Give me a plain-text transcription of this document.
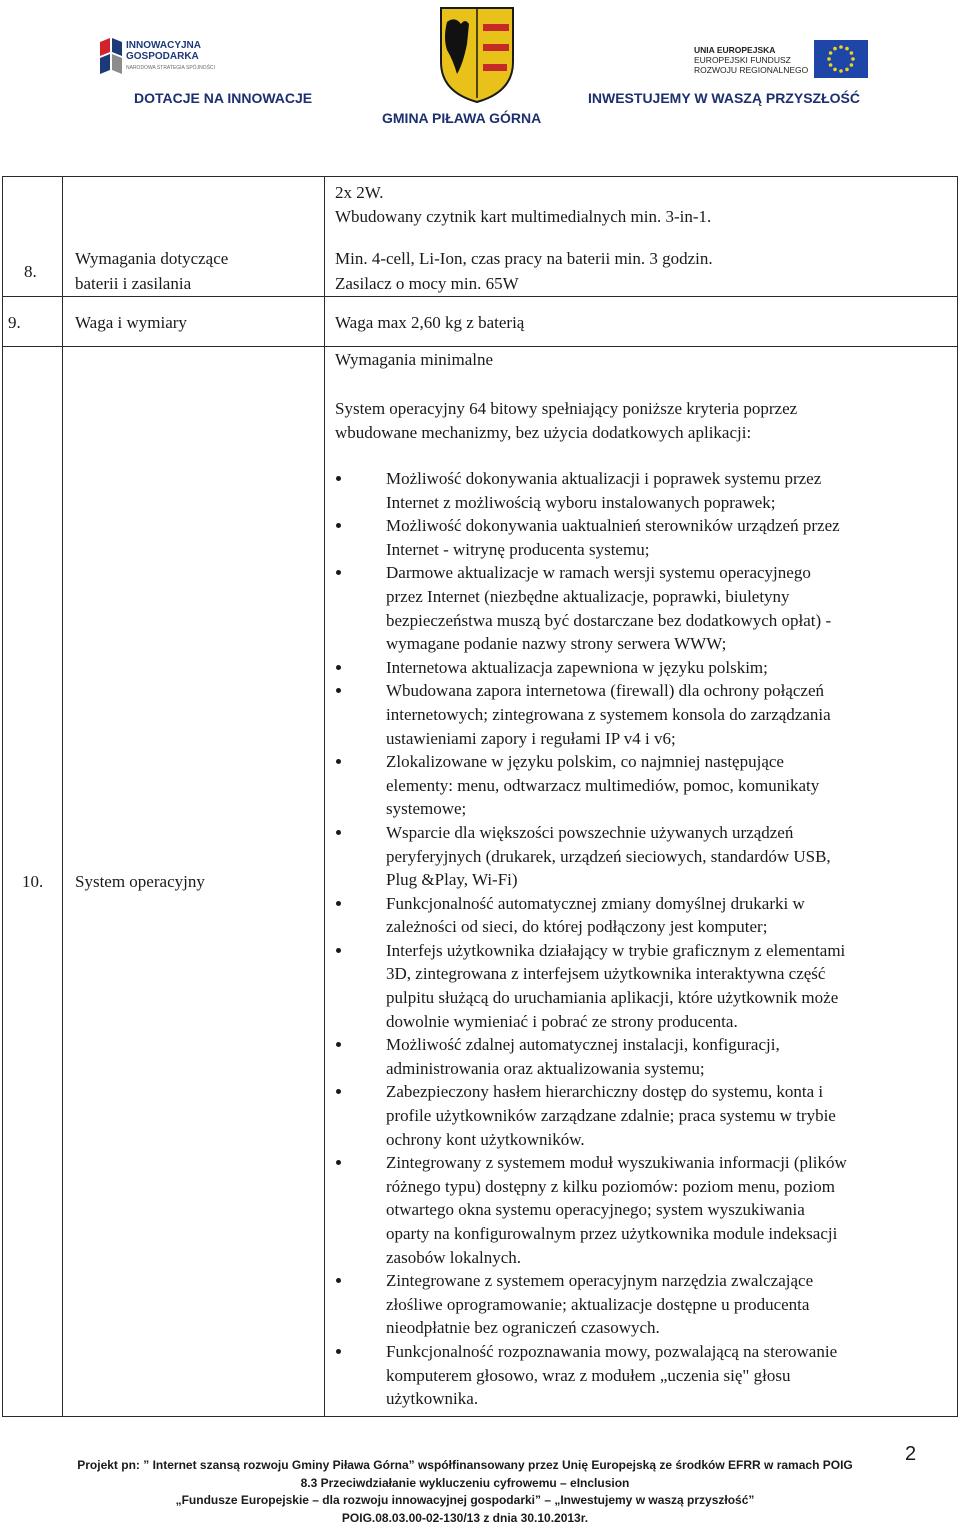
INNOWACYJNA
GOSPODARKA
NARODOWA STRATEGIA SPÓJNOŚCI
UNIA EUROPEJSKA
EUROPEJSKI FUNDUSZ
ROZWOJU REGIONALNEGO
DOTACJE NA INNOWACJE
GMINA PIŁAWA GÓRNA
INWESTUJEMY W WASZĄ PRZYSZŁOŚĆ
2x 2W.
Wbudowany czytnik kart multimedialnych min. 3-in-1.
8.
Wymagania dotyczące
baterii i zasilania
Min. 4-cell, Li-Ion, czas pracy na baterii min. 3 godzin.
Zasilacz o mocy min. 65W
9.	Waga i wymiary	Waga max 2,60 kg z baterią
10. System operacyjny
Wymagania minimalne
System operacyjny 64 bitowy spełniający poniższe kryteria poprzez
wbudowane mechanizmy, bez użycia dodatkowych aplikacji:
Możliwość dokonywania aktualizacji i poprawek systemu przez
Internet z możliwością wyboru instalowanych poprawek;
Możliwość dokonywania uaktualnień sterowników urządzeń przez
Internet - witrynę producenta systemu;
Darmowe aktualizacje w ramach wersji systemu operacyjnego
przez Internet (niezbędne aktualizacje, poprawki, biuletyny
bezpieczeństwa muszą być dostarczane bez dodatkowych opłat) -
wymagane podanie nazwy strony serwera WWW;
Internetowa aktualizacja zapewniona w języku polskim;
Wbudowana zapora internetowa (firewall) dla ochrony połączeń
internetowych; zintegrowana z systemem konsola do zarządzania
ustawieniami zapory i regułami IP v4 i v6;
Zlokalizowane w języku polskim, co najmniej następujące
elementy: menu, odtwarzacz multimediów, pomoc, komunikaty
systemowe;
Wsparcie dla większości powszechnie używanych urządzeń
peryferyjnych (drukarek, urządzeń sieciowych, standardów USB,
Plug &Play, Wi-Fi)
Funkcjonalność automatycznej zmiany domyślnej drukarki w
zależności od sieci, do której podłączony jest komputer;
Interfejs użytkownika działający w trybie graficznym z elementami
3D, zintegrowana z interfejsem użytkownika interaktywna część
pulpitu służącą do uruchamiania aplikacji, które użytkownik może
dowolnie wymieniać i pobrać ze strony producenta.
Możliwość zdalnej automatycznej instalacji, konfiguracji,
administrowania oraz aktualizowania systemu;
Zabezpieczony hasłem hierarchiczny dostęp do systemu, konta i
profile użytkowników zarządzane zdalnie; praca systemu w trybie
ochrony kont użytkowników.
Zintegrowany z systemem moduł wyszukiwania informacji (plików
różnego typu) dostępny z kilku poziomów: poziom menu, poziom
otwartego okna systemu operacyjnego; system wyszukiwania
oparty na konfigurowalnym przez użytkownika module indeksacji
zasobów lokalnych.
Zintegrowane z systemem operacyjnym narzędzia zwalczające
złośliwe oprogramowanie; aktualizacje dostępne u producenta
nieodpłatnie bez ograniczeń czasowych.
Funkcjonalność rozpoznawania mowy, pozwalającą na sterowanie
komputerem głosowo, wraz z modułem „uczenia się" głosu
użytkownika.
Projekt pn: ” Internet szansą rozwoju Gminy Piława Górna” współfinansowany przez Unię Europejską ze środków EFRR w ramach POIG
8.3 Przeciwdziałanie wykluczeniu cyfrowemu – eInclusion
„Fundusze Europejskie – dla rozwoju innowacyjnej gospodarki” – „Inwestujemy w waszą przyszłość”
POIG.08.03.00-02-130/13 z dnia 30.10.2013r.
2
